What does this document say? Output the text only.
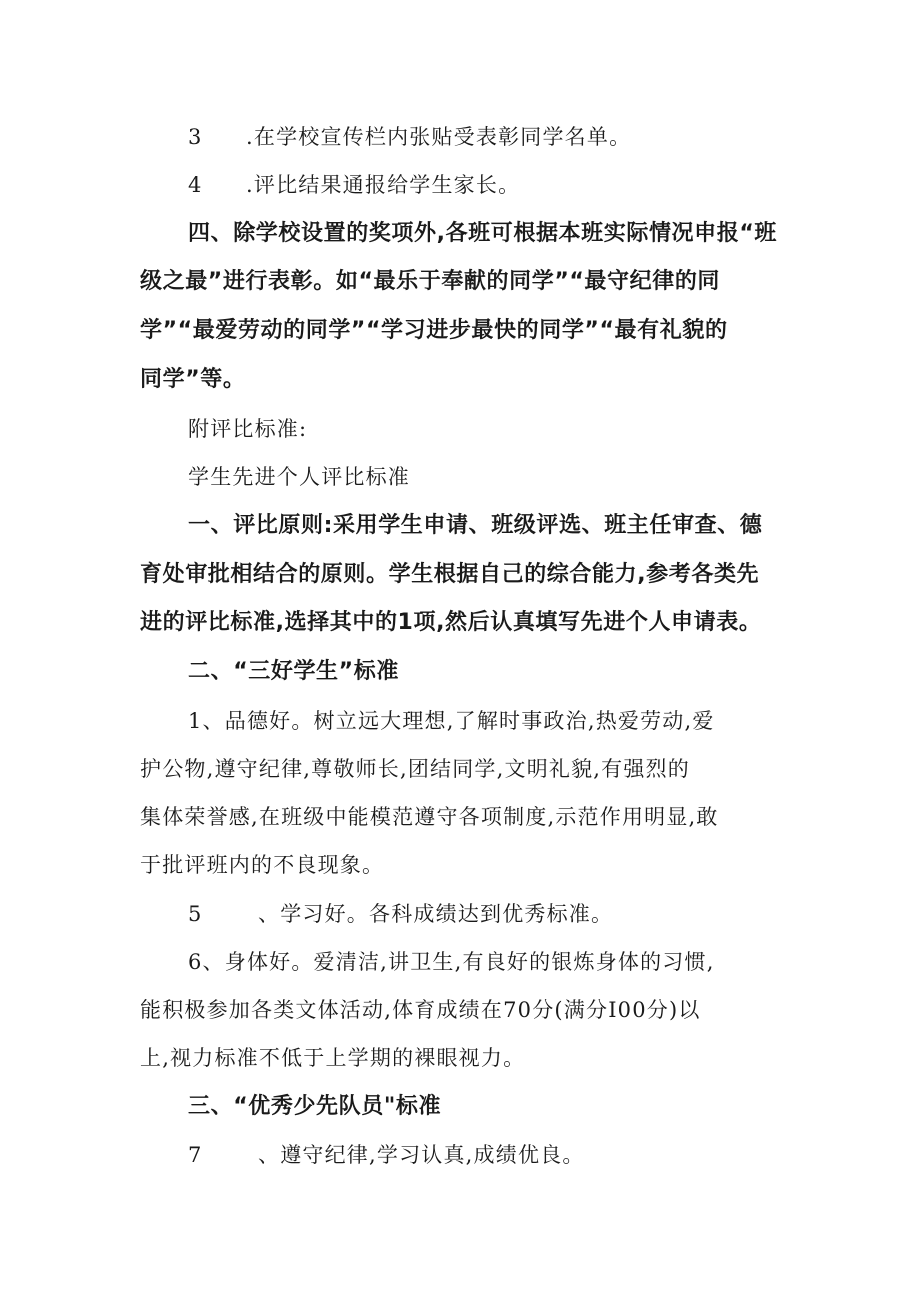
3 .在学校宣传栏内张贴受表彰同学名单。
4 .评比结果通报给学生家长。
四、除学校设置的奖项外,各班可根据本班实际情况申报“班
级之最”进行表彰。如“最乐于奉献的同学”“最守纪律的同
学”“最爱劳动的同学”“学习进步最快的同学”“最有礼貌的
同学”等。
附评比标准:
学生先进个人评比标准
一、评比原则:采用学生申请、班级评选、班主任审查、德
育处审批相结合的原则。学生根据自己的综合能力,参考各类先
进的评比标准,选择其中的1项,然后认真填写先进个人申请表。
二、“三好学生”标准
1、品德好。树立远大理想,了解时事政治,热爱劳动,爱
护公物,遵守纪律,尊敬师长,团结同学,文明礼貌,有强烈的
集体荣誉感,在班级中能模范遵守各项制度,示范作用明显,敢
于批评班内的不良现象。
5	、学习好。各科成绩达到优秀标准。
6、身体好。爱清洁,讲卫生,有良好的银炼身体的习惯,
能积极参加各类文体活动,体育成绩在70分(满分I00分)以
上,视力标准不低于上学期的裸眼视力。
三、“优秀少先队员"标准
7	、遵守纪律,学习认真,成绩优良。
